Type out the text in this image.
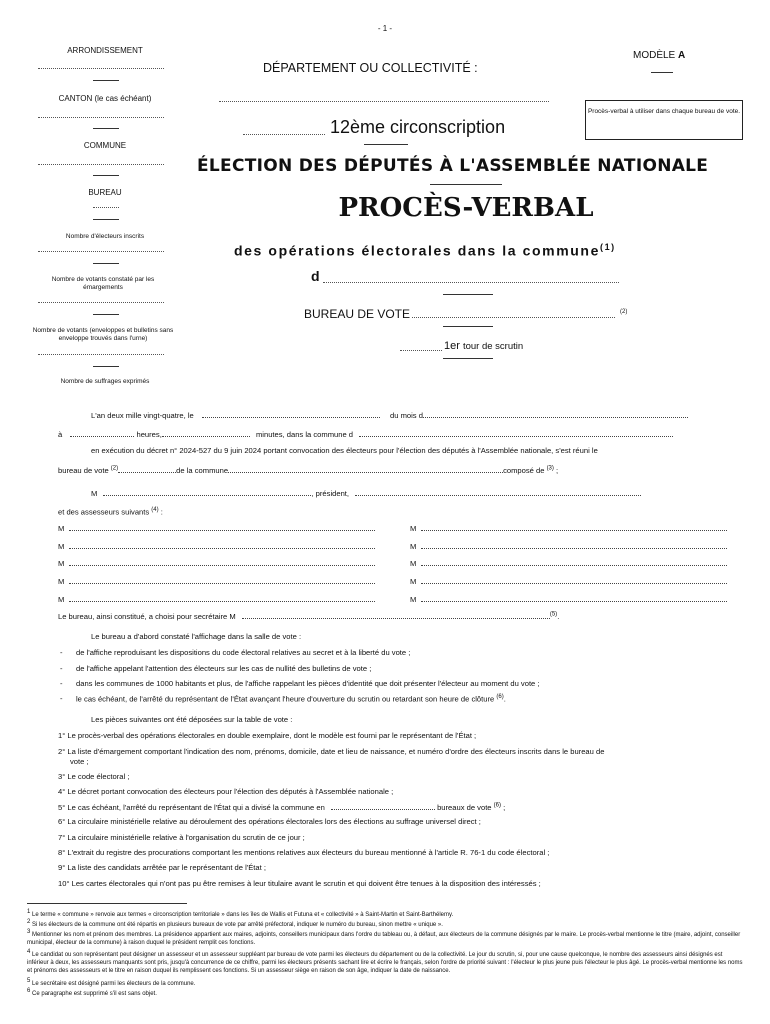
- 1 -
ARRONDISSEMENT
CANTON (le cas échéant)
COMMUNE
BUREAU
Nombre d'électeurs inscrits
Nombre de votants constaté par les émargements
Nombre de votants (enveloppes et bulletins sans enveloppe trouvés dans l'urne)
Nombre de suffrages exprimés
MODÈLE A
Procès-verbal à utiliser dans chaque bureau de vote.
DÉPARTEMENT OU COLLECTIVITÉ :
12ème circonscription
ÉLECTION DES DÉPUTÉS À L'ASSEMBLÉE NATIONALE
PROCÈS-VERBAL
des opérations électorales dans la commune$^{(1)}$
d
BUREAU DE VOTE	(2)
1er tour de scrutin
L'an deux mille vingt-quatre, le	du mois d
à	heures,	minutes, dans la commune d
en exécution du décret n° 2024-527 du 9 juin 2024 portant convocation des électeurs pour l'élection des députés à l'Assemblée nationale, s'est réuni le
bureau de vote $^{(2)}$	de la commune	composé de $^{(3)}$ ;
M	, président,
et des assesseurs suivants $^{(4)}$ :
M	M
M	M
M	M
M	M
M	M
Le bureau, ainsi constitué, a choisi pour secrétaire M	$^{(5)}$.
Le bureau a d'abord constaté l'affichage dans la salle de vote :
- de l'affiche reproduisant les dispositions du code électoral relatives au secret et à la liberté du vote ;
- de l'affiche appelant l'attention des électeurs sur les cas de nullité des bulletins de vote ;
- dans les communes de 1000 habitants et plus, de l'affiche rappelant les pièces d'identité que doit présenter l'électeur au moment du vote ;
- le cas échéant, de l'arrêté du représentant de l'État avançant l'heure d'ouverture du scrutin ou retardant son heure de clôture $^{(6)}$.
Les pièces suivantes ont été déposées sur la table de vote :
1° Le procès-verbal des opérations électorales en double exemplaire, dont le modèle est fourni par le représentant de l'État ;
2° La liste d'émargement comportant l'indication des nom, prénoms, domicile, date et lieu de naissance, et numéro d'ordre des électeurs inscrits dans le bureau de
vote ;
3° Le code électoral ;
4° Le décret portant convocation des électeurs pour l'élection des députés à l'Assemblée nationale ;
5° Le cas échéant, l'arrêté du représentant de l'État qui a divisé la commune en	bureaux de vote $^{(6)}$ ;
6° La circulaire ministérielle relative au déroulement des opérations électorales lors des élections au suffrage universel direct ;
7° La circulaire ministérielle relative à l'organisation du scrutin de ce jour ;
8° L'extrait du registre des procurations comportant les mentions relatives aux électeurs du bureau mentionné à l'article R. 76-1 du code électoral ;
9° La liste des candidats arrêtée par le représentant de l'État ;
10° Les cartes électorales qui n'ont pas pu être remises à leur titulaire avant le scrutin et qui doivent être tenues à la disposition des intéressés ;
$^1$ Le terme « commune » renvoie aux termes « circonscription territoriale » dans les îles de Wallis et Futuna et « collectivité » à Saint-Martin et Saint-Barthélemy.
$^2$ Si les électeurs de la commune ont été répartis en plusieurs bureaux de vote par arrêté préfectoral, indiquer le numéro du bureau, sinon mettre « unique ».
$^3$ Mentionner les nom et prénom des membres. La présidence appartient aux maires, adjoints, conseillers municipaux dans l'ordre du tableau ou, à défaut, aux électeurs de la commune désignés par le maire. Le procès-verbal mentionne le titre (maire, adjoint, conseiller municipal, électeur de la commune) à raison duquel le président remplit ces fonctions.
$^4$ Le candidat ou son représentant peut désigner un assesseur et un assesseur suppléant par bureau de vote parmi les électeurs du département ou de la collectivité. Le jour du scrutin, si, pour une cause quelconque, le nombre des assesseurs ainsi désignés est inférieur à deux, les assesseurs manquants sont pris, jusqu'à concurrence de ce chiffre, parmi les électeurs présents sachant lire et écrire le français, selon l'ordre de priorité suivant : l'électeur le plus jeune puis l'électeur le plus âgé. Le procès-verbal mentionne les noms et prénoms des assesseurs et le titre en raison duquel ils remplissent ces fonctions. Si un assesseur siège en raison de son âge, indiquer la date de naissance.
$^5$ Le secrétaire est désigné parmi les électeurs de la commune.
$^6$ Ce paragraphe est supprimé s'il est sans objet.
